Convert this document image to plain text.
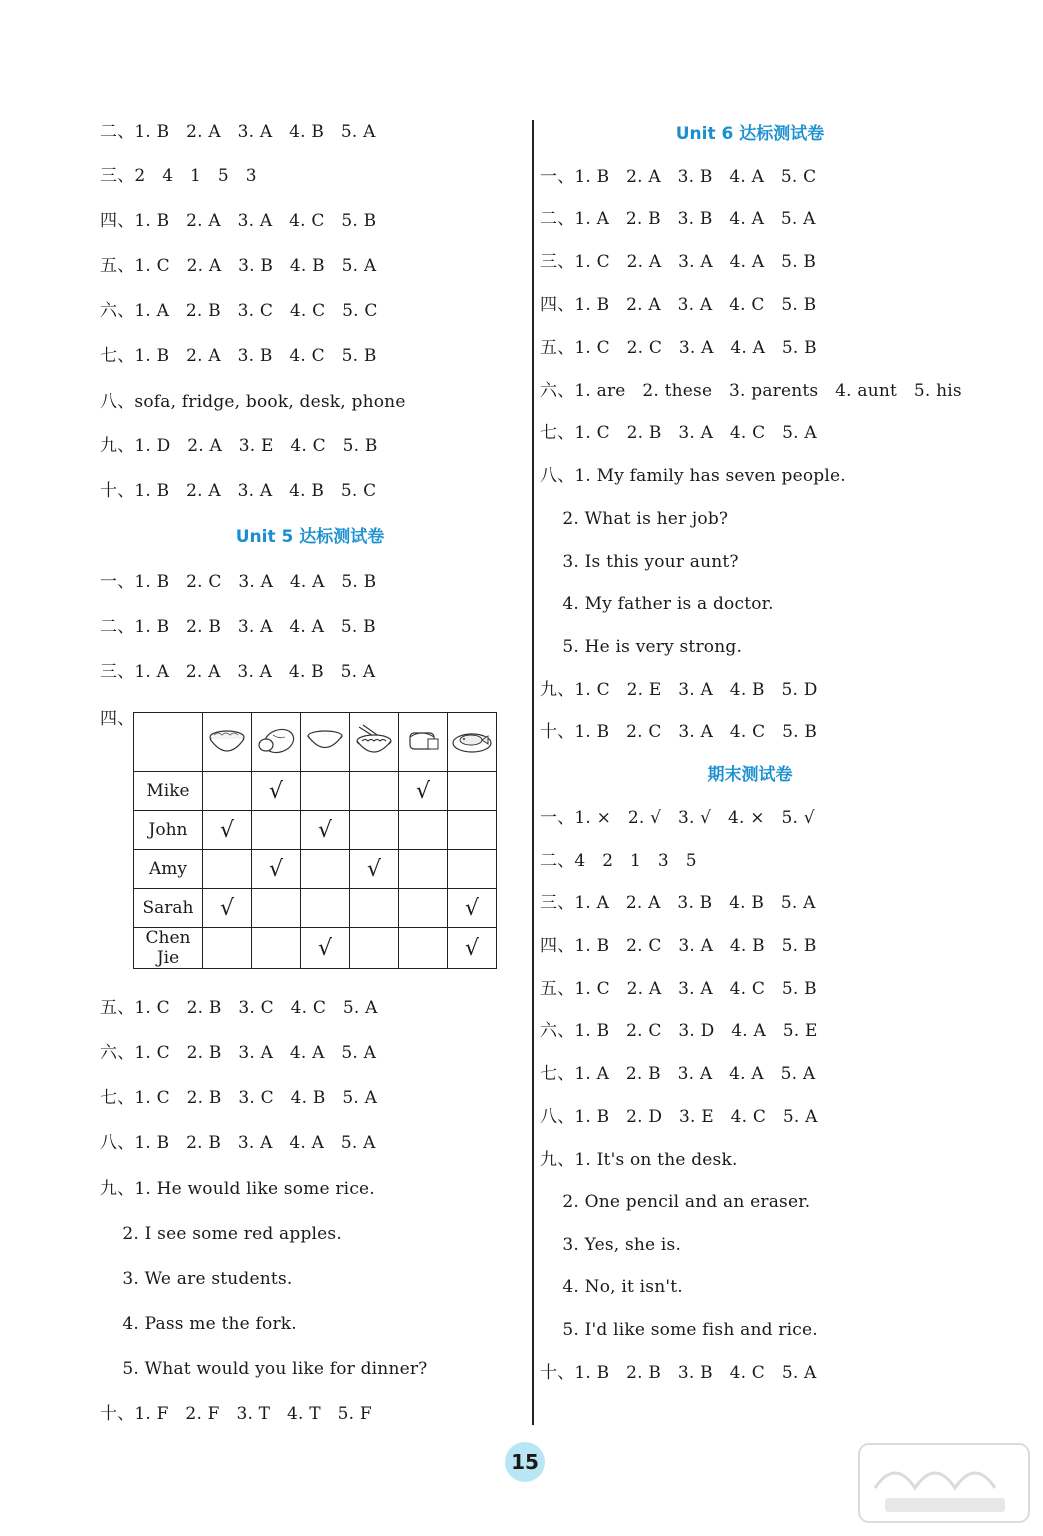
二、1. B   2. A   3. A   4. B   5. A
三、2   4   1   5   3
四、1. B   2. A   3. A   4. C   5. B
五、1. C   2. A   3. B   4. B   5. A
六、1. A   2. B   3. C   4. C   5. C
七、1. B   2. A   3. B   4. C   5. B
八、sofa, fridge, book, desk, phone
九、1. D   2. A   3. E   4. C   5. B
十、1. B   2. A   3. A   4. B   5. C
Unit 5 达标测试卷
一、1. B   2. C   3. A   4. A   5. B
二、1. B   2. B   3. A   4. A   5. B
三、1. A   2. A   3. A   4. B   5. A
四、

Mike		√			√	
John	√		√			
Amy		√		√		
Sarah	√					√
Chen Jie			√			√
五、1. C   2. B   3. C   4. C   5. A
六、1. C   2. B   3. A   4. A   5. A
七、1. C   2. B   3. C   4. B   5. A
八、1. B   2. B   3. A   4. A   5. A
九、1. He would like some rice.
2. I see some red apples.
3. We are students.
4. Pass me the fork.
5. What would you like for dinner?
十、1. F   2. F   3. T   4. T   5. F
Unit 6 达标测试卷
一、1. B   2. A   3. B   4. A   5. C
二、1. A   2. B   3. B   4. A   5. A
三、1. C   2. A   3. A   4. A   5. B
四、1. B   2. A   3. A   4. C   5. B
五、1. C   2. C   3. A   4. A   5. B
六、1. are   2. these   3. parents   4. aunt   5. his
七、1. C   2. B   3. A   4. C   5. A
八、1. My family has seven people.
2. What is her job?
3. Is this your aunt?
4. My father is a doctor.
5. He is very strong.
九、1. C   2. E   3. A   4. B   5. D
十、1. B   2. C   3. A   4. C   5. B
期末测试卷
一、1. ×   2. √   3. √   4. ×   5. √
二、4   2   1   3   5
三、1. A   2. A   3. B   4. B   5. A
四、1. B   2. C   3. A   4. B   5. B
五、1. C   2. A   3. A   4. C   5. B
六、1. B   2. C   3. D   4. A   5. E
七、1. A   2. B   3. A   4. A   5. A
八、1. B   2. D   3. E   4. C   5. A
九、1. It's on the desk.
2. One pencil and an eraser.
3. Yes, she is.
4. No, it isn't.
5. I'd like some fish and rice.
十、1. B   2. B   3. B   4. C   5. A
15
